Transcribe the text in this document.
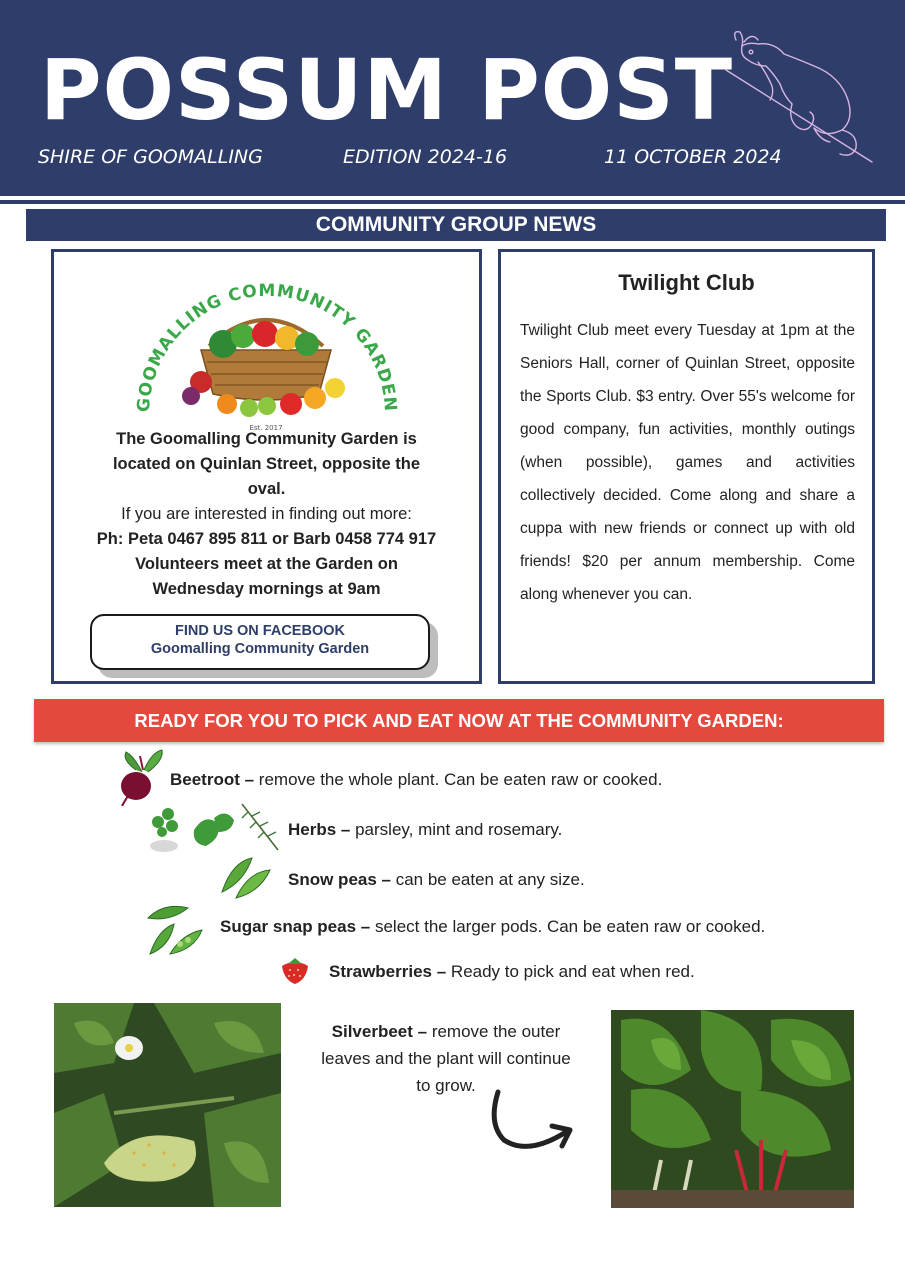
POSSUM POST
SHIRE OF GOOMALLING	EDITION 2024-16	11 OCTOBER 2024
COMMUNITY GROUP NEWS
GOOMALLING COMMUNITY GARDEN
Est. 2017
The Goomalling Community Garden is
located on Quinlan Street, opposite the
oval.
If you are interested in finding out more:
Ph: Peta 0467 895 811 or Barb 0458 774 917
Volunteers meet at the Garden on
Wednesday mornings at 9am
FIND US ON FACEBOOK
Goomalling Community Garden
Twilight Club
Twilight Club meet every Tuesday at 1pm at the Seniors Hall, corner of Quinlan Street, opposite the Sports Club. $3 entry. Over 55's welcome for good company, fun activities, monthly outings (when possible), games and activities collectively decided. Come along and share a cuppa with new friends or connect up with old friends! $20 per annum membership. Come along whenever you can.
READY FOR YOU TO PICK AND EAT NOW AT THE COMMUNITY GARDEN:
Beetroot – remove the whole plant. Can be eaten raw or cooked.
Herbs – parsley, mint and rosemary.
Snow peas – can be eaten at any size.
Sugar snap peas – select the larger pods. Can be eaten raw or cooked.
Strawberries – Ready to pick and eat when red.
Silverbeet – remove the outer
leaves and the plant will continue
to grow.
